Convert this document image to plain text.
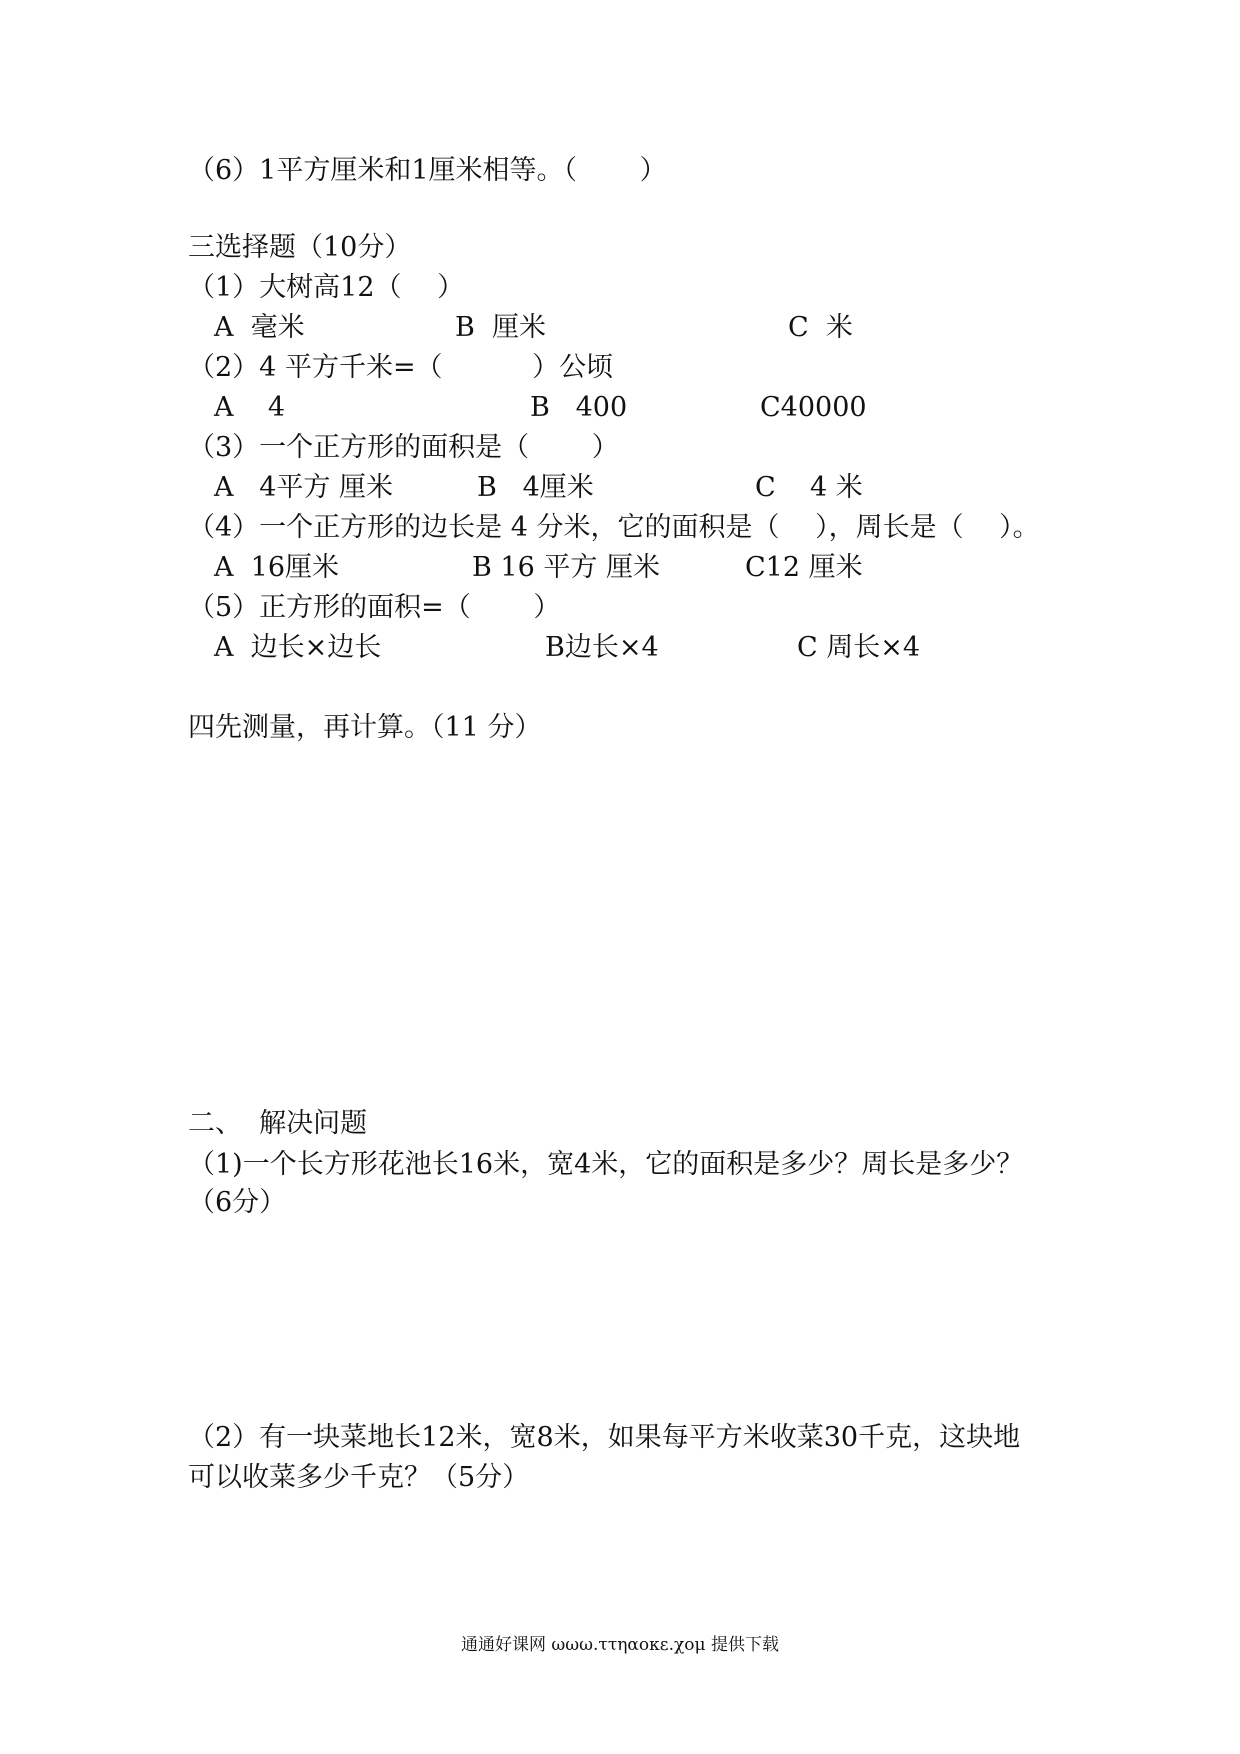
（6）1平方厘米和1厘米相等。（　　 ）
三选择题（10分）
（1）大树高12（　 ）
A  毫米	B  厘米	C  米
（2）4 平方千米=（　　　 ）公顷
A    4	B   400	C40000
（3）一个正方形的面积是（　　 ）
A   4平方 厘米	B   4厘米	C    4 米
（4）一个正方形的边长是 4 分米，它的面积是（　 ），周长是（　 ）。
A  16厘米	B 16 平方 厘米	C12 厘米
（5）正方形的面积=（　　 ）
A  边长×边长	B边长×4	C 周长×4
四先测量，再计算。（11 分）
二、  解决问题
（1)一个长方形花池长16米，宽4米，它的面积是多少？周长是多少？
（6分）
（2）有一块菜地长12米，宽8米，如果每平方米收菜30千克，这块地
可以收菜多少千克？（5分）
通通好课网 ωωω.ττηαοκε.χομ 提供下载
